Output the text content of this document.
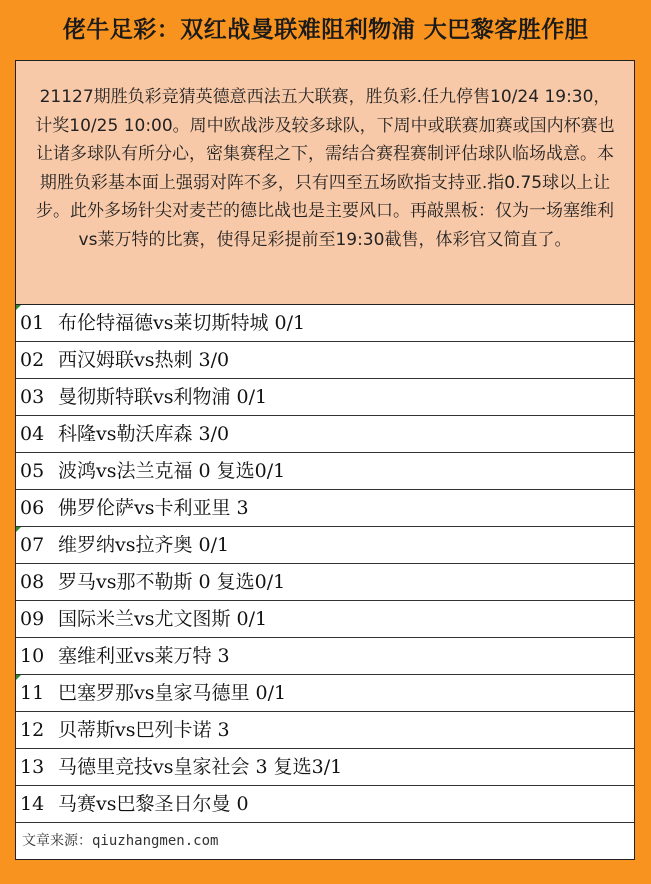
佬牛足彩：双红战曼联难阻利物浦 大巴黎客胜作胆
21127期胜负彩竞猜英德意西法五大联赛，胜负彩.任九停售10/24 19:30，计奖10/25 10:00。周中欧战涉及较多球队，下周中或联赛加赛或国内杯赛也让诸多球队有所分心，密集赛程之下，需结合赛程赛制评估球队临场战意。本期胜负彩基本面上强弱对阵不多，只有四至五场欧指支持亚.指0.75球以上让步。此外多场针尖对麦芒的德比战也是主要风口。再敲黑板：仅为一场塞维利vs莱万特的比赛，使得足彩提前至19:30截售，体彩官又简直了。
01 布伦特福德vs莱切斯特城 0/1
02 西汉姆联vs热刺 3/0
03 曼彻斯特联vs利物浦 0/1
04 科隆vs勒沃库森 3/0
05 波鸿vs法兰克福 0 复选0/1
06 佛罗伦萨vs卡利亚里 3
07 维罗纳vs拉齐奥 0/1
08 罗马vs那不勒斯 0 复选0/1
09 国际米兰vs尤文图斯 0/1
10 塞维利亚vs莱万特 3
11 巴塞罗那vs皇家马德里 0/1
12 贝蒂斯vs巴列卡诺 3
13 马德里竞技vs皇家社会 3 复选3/1
14 马赛vs巴黎圣日尔曼 0
文章来源：qiuzhangmen.com
